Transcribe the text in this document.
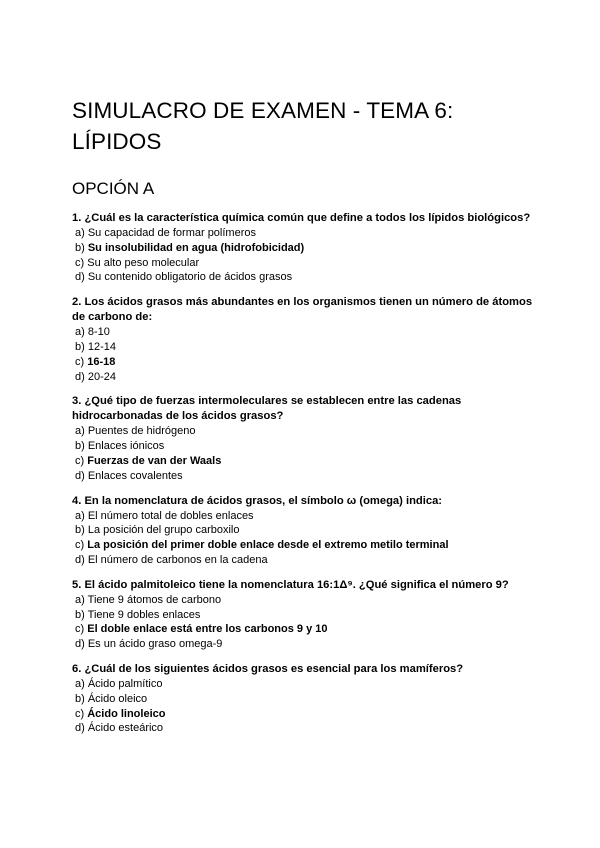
SIMULACRO DE EXAMEN - TEMA 6:
LÍPIDOS
OPCIÓN A
1. ¿Cuál es la característica química común que define a todos los lípidos biológicos?
a) Su capacidad de formar polímeros
b) Su insolubilidad en agua (hidrofobicidad)
c) Su alto peso molecular
d) Su contenido obligatorio de ácidos grasos
2. Los ácidos grasos más abundantes en los organismos tienen un número de átomos de carbono de:
a) 8-10
b) 12-14
c) 16-18
d) 20-24
3. ¿Qué tipo de fuerzas intermoleculares se establecen entre las cadenas hidrocarbonadas de los ácidos grasos?
a) Puentes de hidrógeno
b) Enlaces iónicos
c) Fuerzas de van der Waals
d) Enlaces covalentes
4. En la nomenclatura de ácidos grasos, el símbolo ω (omega) indica:
a) El número total de dobles enlaces
b) La posición del grupo carboxilo
c) La posición del primer doble enlace desde el extremo metilo terminal
d) El número de carbonos en la cadena
5. El ácido palmitoleico tiene la nomenclatura 16:1Δ⁹. ¿Qué significa el número 9?
a) Tiene 9 átomos de carbono
b) Tiene 9 dobles enlaces
c) El doble enlace está entre los carbonos 9 y 10
d) Es un ácido graso omega-9
6. ¿Cuál de los siguientes ácidos grasos es esencial para los mamíferos?
a) Ácido palmítico
b) Ácido oleico
c) Ácido linoleico
d) Ácido esteárico
